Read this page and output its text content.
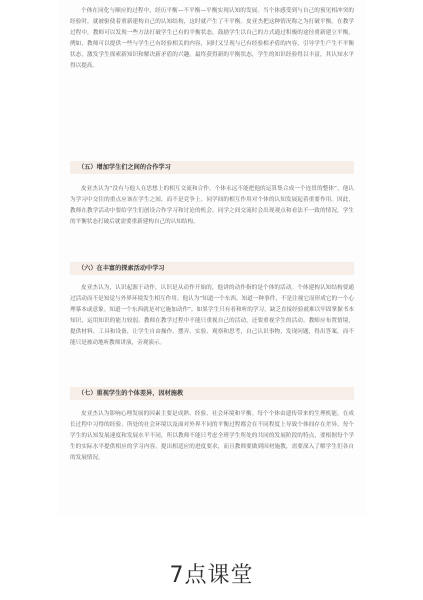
个体在同化与顺应的过程中，经历平衡—不平衡—平衡实现认知的发展。当个体感受到与自己的预见相冲突的经验时，就被驱使着重新建构自己的认知结构，这时就产生了不平衡。皮亚杰把这种情况称之为打破平衡。在教学过程中，教师可以发现一些方法打破学生已有的平衡状态，鼓励学生以自己的方式通过积极的途径重新建立平衡。例如，教师可以提供一些与学生已有经验相关的内容，同时又呈现与已有经验相矛盾的内容，引导学生产生不平衡状态，激发学生探索新知识和解决新矛盾的兴趣，最终获得新的平衡状态，学生的知识经验得以丰富，其认知水平得以提高。

（五）增加学生们之间的合作学习

皮亚杰认为“没有与他人在思想上的相互交流和合作，个体永远不能把他的运算集合成一个连贯的整体”。他认为学习中交往的重点应该在学生之间，而不是竞争上。同学间的相互作用对个体的认知发展起着重要作用。因此，教师在教学活动中要给学生们创设合作学习和讨论的机会。同学之间交流时会出现观点和看法不一致的情况，学生的平衡状态打破后就需要重新建构自己的认知结构。

（六）在丰富的探索活动中学习

皮亚杰认为，认识起源于动作，认识是从动作开始的，他讲的动作指的是个体的活动。个体建构认知结构要通过活动而不是知觉与外界环境发生相互作用。他认为“知道一个东西，知道一种事件，不是注视它而形成它的一个心理摹本或意象。知道一个东西就是对它施加动作”。如果学生只有看和听的学习，缺乏直接经验就难以牢固掌握书本知识，运用知识的能力较弱。教师在教学过程中不能只重视自己的活动，还要重视学生的活动。教师应布置情境，提供材料、工具和设备，让学生自由操作、摆弄、实验、观察和思考，自己认识事物，发现问题，得出答案，而不能只是被动地听教师讲演，旁观演示。

（七）重视学生的个体差异，因材施教

皮亚杰认为影响心理发展的因素主要是成熟、经验、社会环境和平衡。每个个体由遗传带来的生理机能，在成长过程中习得的经验、所处的社会环境以及面对外界不同的平衡过程都会在不同程度上导致个体间存在差异。每个学生的认知发展速度和发展水平不同，所以教师不能只考虑全班学生所处的共同的发展阶段的特点，要根据每个学生的实际水平提供相应的学习内容，提出相适应的进度要求，而且教师要做到因材施教，需要深入了解学生们各自的发展情况。

7点课堂
